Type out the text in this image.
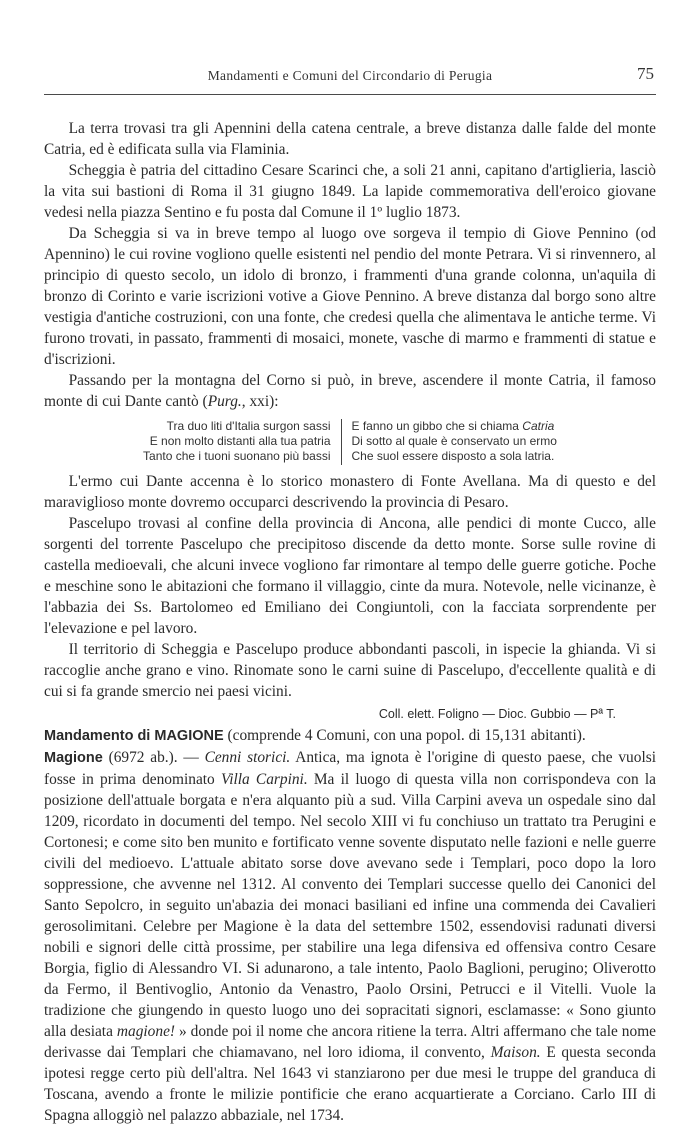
Mandamenti e Comuni del Circondario di Perugia	75

La terra trovasi tra gli Apennini della catena centrale, a breve distanza dalle falde del monte Catria, ed è edificata sulla via Flaminia.

Scheggia è patria del cittadino Cesare Scarinci che, a soli 21 anni, capitano d'artiglieria, lasciò la vita sui bastioni di Roma il 31 giugno 1849. La lapide commemorativa dell'eroico giovane vedesi nella piazza Sentino e fu posta dal Comune il 1º luglio 1873.

Da Scheggia si va in breve tempo al luogo ove sorgeva il tempio di Giove Pennino (od Apennino) le cui rovine vogliono quelle esistenti nel pendio del monte Petrara. Vi si rinvennero, al principio di questo secolo, un idolo di bronzo, i frammenti d'una grande colonna, un'aquila di bronzo di Corinto e varie iscrizioni votive a Giove Pennino. A breve distanza dal borgo sono altre vestigia d'antiche costruzioni, con una fonte, che credesi quella che alimentava le antiche terme. Vi furono trovati, in passato, frammenti di mosaici, monete, vasche di marmo e frammenti di statue e d'iscrizioni.

Passando per la montagna del Corno si può, in breve, ascendere il monte Catria, il famoso monte di cui Dante cantò (Purg., xxi):

Tra duo liti d'Italia surgon sassi
E non molto distanti alla tua patria
Tanto che i tuoni suonano più bassi
E fanno un gibbo che si chiama Catria
Di sotto al quale è conservato un ermo
Che suol essere disposto a sola latria.

L'ermo cui Dante accenna è lo storico monastero di Fonte Avellana. Ma di questo e del maraviglioso monte dovremo occuparci descrivendo la provincia di Pesaro.

Pascelupo trovasi al confine della provincia di Ancona, alle pendici di monte Cucco, alle sorgenti del torrente Pascelupo che precipitoso discende da detto monte. Sorse sulle rovine di castella medioevali, che alcuni invece vogliono far rimontare al tempo delle guerre gotiche. Poche e meschine sono le abitazioni che formano il villaggio, cinte da mura. Notevole, nelle vicinanze, è l'abbazia dei Ss. Bartolomeo ed Emiliano dei Congiuntoli, con la facciata sorprendente per l'elevazione e pel lavoro.

Il territorio di Scheggia e Pascelupo produce abbondanti pascoli, in ispecie la ghianda. Vi si raccoglie anche grano e vino. Rinomate sono le carni suine di Pascelupo, d'eccellente qualità e di cui si fa grande smercio nei paesi vicini.

Coll. elett. Foligno — Dioc. Gubbio — Pª T.

Mandamento di MAGIONE (comprende 4 Comuni, con una popol. di 15,131 abitanti).

Magione (6972 ab.). — Cenni storici. Antica, ma ignota è l'origine di questo paese, che vuolsi fosse in prima denominato Villa Carpini. Ma il luogo di questa villa non corrispondeva con la posizione dell'attuale borgata e n'era alquanto più a sud. Villa Carpini aveva un ospedale sino dal 1209, ricordato in documenti del tempo. Nel secolo XIII vi fu conchiuso un trattato tra Perugini e Cortonesi; e come sito ben munito e fortificato venne sovente disputato nelle fazioni e nelle guerre civili del medioevo. L'attuale abitato sorse dove avevano sede i Templari, poco dopo la loro soppressione, che avvenne nel 1312. Al convento dei Templari successe quello dei Canonici del Santo Sepolcro, in seguito un'abazia dei monaci basiliani ed infine una commenda dei Cavalieri gerosolimitani. Celebre per Magione è la data del settembre 1502, essendovisi radunati diversi nobili e signori delle città prossime, per stabilire una lega difensiva ed offensiva contro Cesare Borgia, figlio di Alessandro VI. Si adunarono, a tale intento, Paolo Baglioni, perugino; Oliverotto da Fermo, il Bentivoglio, Antonio da Venastro, Paolo Orsini, Petrucci e il Vitelli. Vuole la tradizione che giungendo in questo luogo uno dei sopracitati signori, esclamasse: « Sono giunto alla desiata magione! » donde poi il nome che ancora ritiene la terra. Altri affermano che tale nome derivasse dai Templari che chiamavano, nel loro idioma, il convento, Maison. E questa seconda ipotesi regge certo più dell'altra. Nel 1643 vi stanziarono per due mesi le truppe del granduca di Toscana, avendo a fronte le milizie pontificie che erano acquartierate a Corciano. Carlo III di Spagna alloggiò nel palazzo abbaziale, nel 1734.
